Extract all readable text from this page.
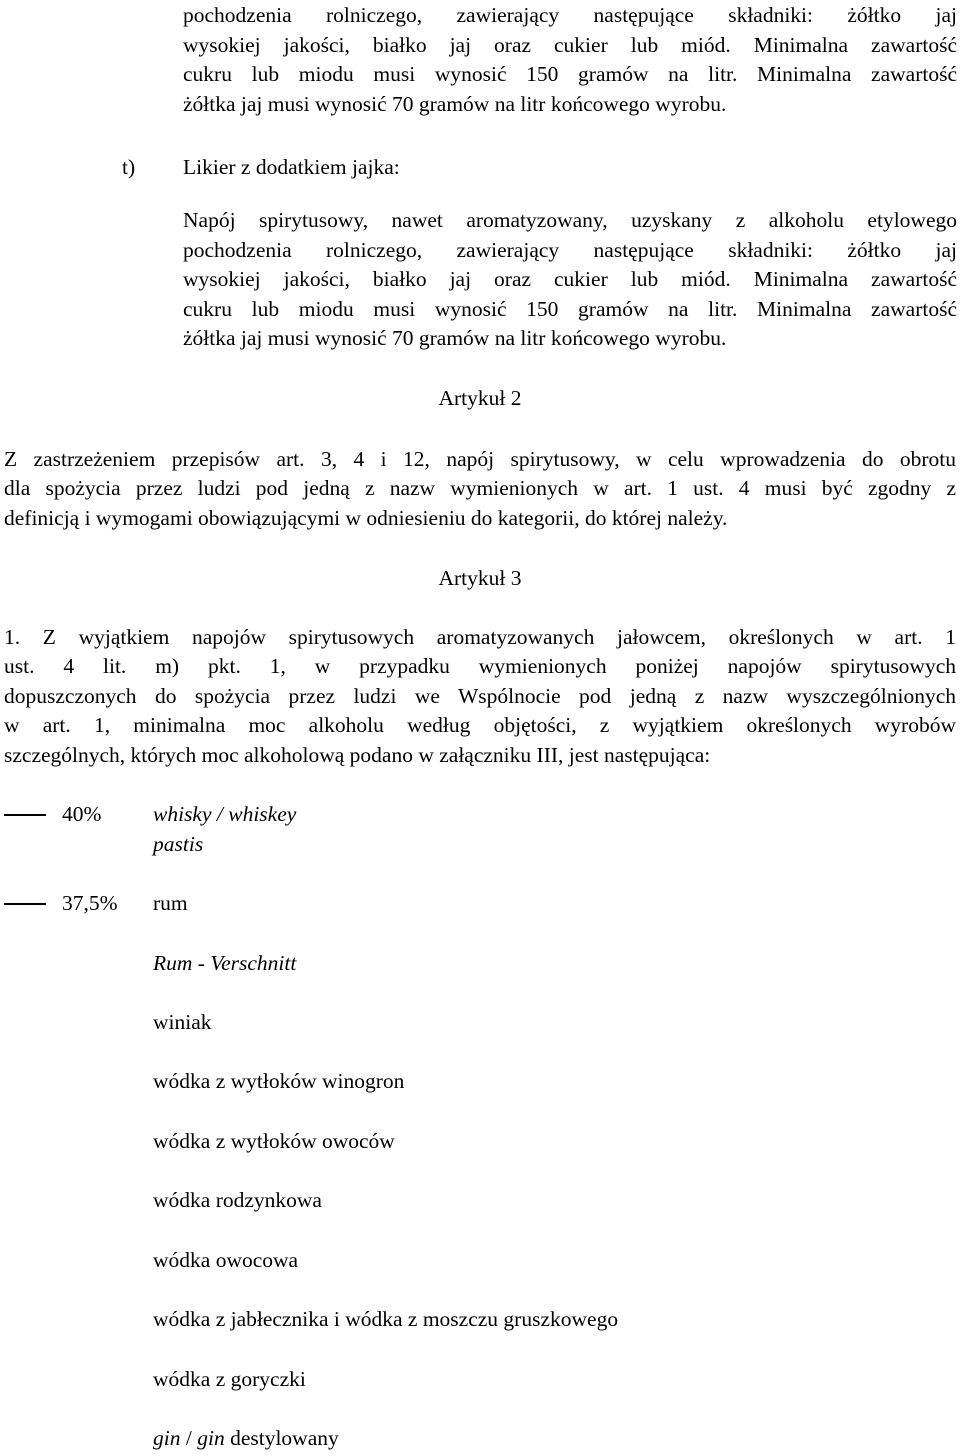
pochodzenia rolniczego, zawierający następujące składniki: żółtko jaj
wysokiej jakości, białko jaj oraz cukier lub miód. Minimalna zawartość
cukru lub miodu musi wynosić 150 gramów na litr. Minimalna zawartość
żółtka jaj musi wynosić 70 gramów na litr końcowego wyrobu.
t) Likier z dodatkiem jajka:
Napój spirytusowy, nawet aromatyzowany, uzyskany z alkoholu etylowego
pochodzenia rolniczego, zawierający następujące składniki: żółtko jaj
wysokiej jakości, białko jaj oraz cukier lub miód. Minimalna zawartość
cukru lub miodu musi wynosić 150 gramów na litr. Minimalna zawartość
żółtka jaj musi wynosić 70 gramów na litr końcowego wyrobu.
Artykuł 2
Z zastrzeżeniem przepisów art. 3, 4 i 12, napój spirytusowy, w celu wprowadzenia do obrotu
dla spożycia przez ludzi pod jedną z nazw wymienionych w art. 1 ust. 4 musi być zgodny z
definicją i wymogami obowiązującymi w odniesieniu do kategorii, do której należy.
Artykuł 3
1. Z wyjątkiem napojów spirytusowych aromatyzowanych jałowcem, określonych w art. 1
ust. 4 lit. m) pkt. 1, w przypadku wymienionych poniżej napojów spirytusowych
dopuszczonych do spożycia przez ludzi we Wspólnocie pod jedną z nazw wyszczególnionych
w art. 1, minimalna moc alkoholu według objętości, z wyjątkiem określonych wyrobów
szczególnych, których moc alkoholową podano w załączniku III, jest następująca:
40% whisky / whiskey
pastis
37,5% rum
Rum - Verschnitt
winiak
wódka z wytłoków winogron
wódka z wytłoków owoców
wódka rodzynkowa
wódka owocowa
wódka z jabłecznika i wódka z moszczu gruszkowego
wódka z goryczki
gin / gin destylowany
